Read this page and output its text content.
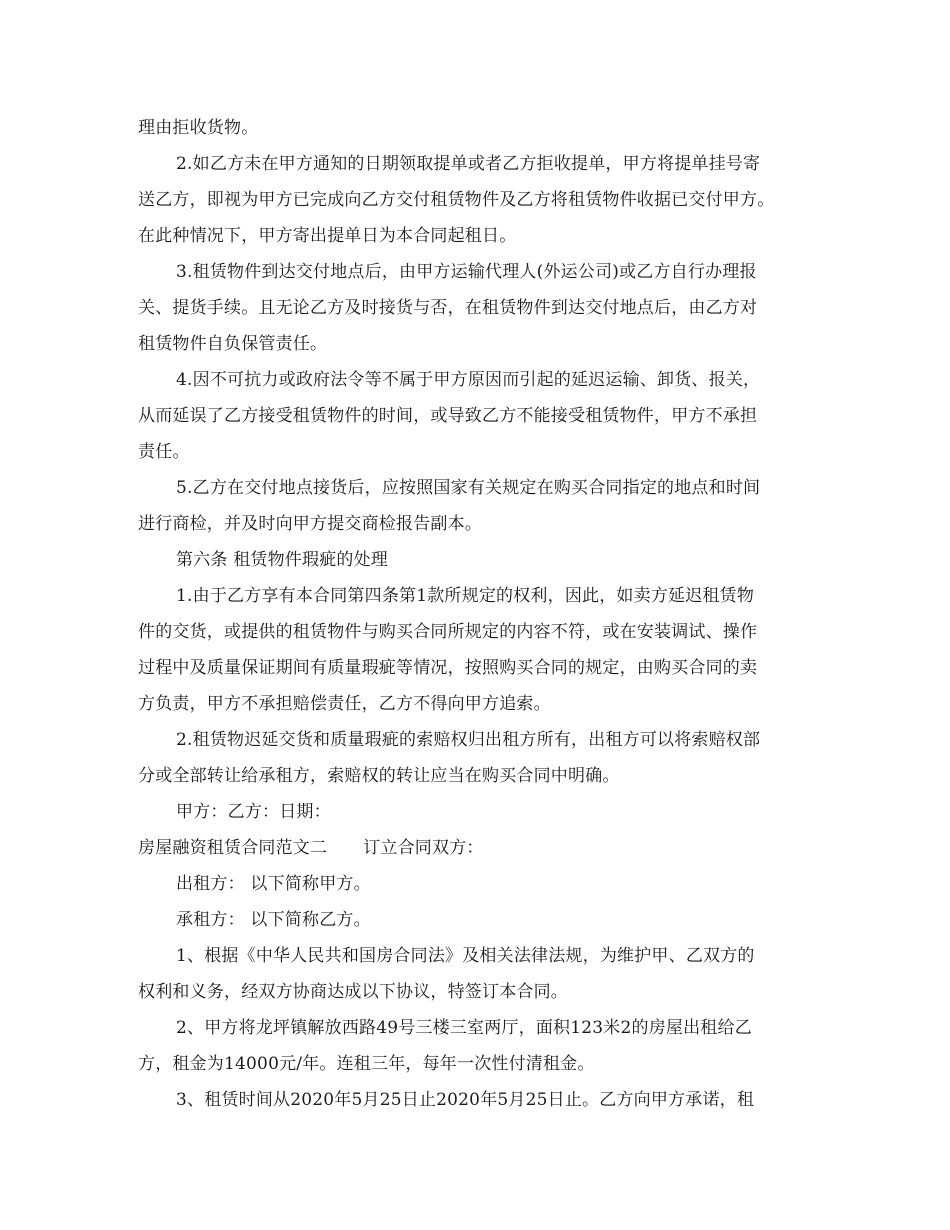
理由拒收货物。
2.如乙方未在甲方通知的日期领取提单或者乙方拒收提单，甲方将提单挂号寄
送乙方，即视为甲方已完成向乙方交付租赁物件及乙方将租赁物件收据已交付甲方。
在此种情况下，甲方寄出提单日为本合同起租日。
3.租赁物件到达交付地点后，由甲方运输代理人(外运公司)或乙方自行办理报
关、提货手续。且无论乙方及时接货与否，在租赁物件到达交付地点后，由乙方对
租赁物件自负保管责任。
4.因不可抗力或政府法令等不属于甲方原因而引起的延迟运输、卸货、报关，
从而延误了乙方接受租赁物件的时间，或导致乙方不能接受租赁物件，甲方不承担
责任。
5.乙方在交付地点接货后，应按照国家有关规定在购买合同指定的地点和时间
进行商检，并及时向甲方提交商检报告副本。
第六条 租赁物件瑕疵的处理
1.由于乙方享有本合同第四条第1款所规定的权利，因此，如卖方延迟租赁物
件的交货，或提供的租赁物件与购买合同所规定的内容不符，或在安装调试、操作
过程中及质量保证期间有质量瑕疵等情况，按照购买合同的规定，由购买合同的卖
方负责，甲方不承担赔偿责任，乙方不得向甲方追索。
2.租赁物迟延交货和质量瑕疵的索赔权归出租方所有，出租方可以将索赔权部
分或全部转让给承租方，索赔权的转让应当在购买合同中明确。
甲方：乙方：日期：
房屋融资租赁合同范文二 订立合同双方：
出租方： 以下简称甲方。
承租方： 以下简称乙方。
1、根据《中华人民共和国房合同法》及相关法律法规，为维护甲、乙双方的
权利和义务，经双方协商达成以下协议，特签订本合同。
2、甲方将龙坪镇解放西路49号三楼三室两厅，面积123米2的房屋出租给乙
方，租金为14000元/年。连租三年，每年一次性付清租金。
3、租赁时间从2020年5月25日止2020年5月25日止。乙方向甲方承诺，租
